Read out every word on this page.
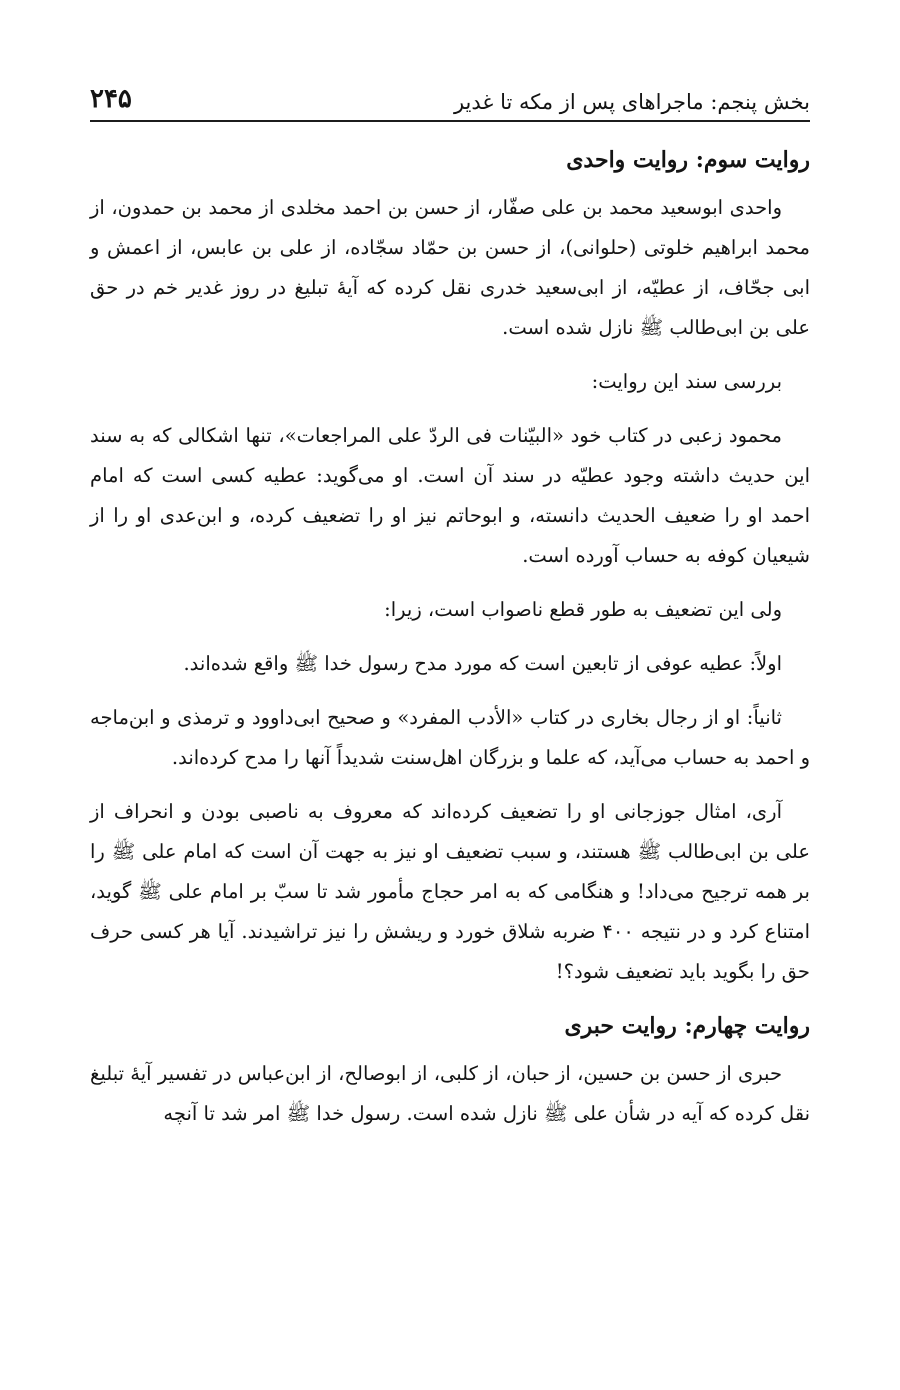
بخش پنجم: ماجراهای پس از مکه تا غدیر
۲۴۵
روایت سوم: روایت واحدی

واحدی ابوسعید محمد بن علی صفّار، از حسن بن احمد مخلدی از محمد بن حمدون، از محمد ابراهیم خلوتی (حلوانی)، از حسن بن حمّاد سجّاده، از علی بن عابس، از اعمش و ابی جحّاف، از عطیّه، از ابی‌سعید خدری نقل کرده که آیهٔ تبلیغ در روز غدیر خم در حق علی بن ابی‌طالب ﷺ نازل شده است.

بررسی سند این روایت:

محمود زعبی در کتاب خود «البیّنات فی الردّ علی المراجعات»، تنها اشکالی که به سند این حدیث داشته وجود عطیّه در سند آن است. او می‌گوید: عطیه کسی است که امام احمد او را ضعیف الحدیث دانسته، و ابوحاتم نیز او را تضعیف کرده، و ابن‌عدی او را از شیعیان کوفه به حساب آورده است.

ولی این تضعیف به طور قطع ناصواب است، زیرا:

اولاً: عطیه عوفی از تابعین است که مورد مدح رسول خدا ﷺ واقع شده‌اند.

ثانیاً: او از رجال بخاری در کتاب «الأدب المفرد» و صحیح ابی‌داوود و ترمذی و ابن‌ماجه و احمد به حساب می‌آید، که علما و بزرگان اهل‌سنت شدیداً آنها را مدح کرده‌اند.

آری، امثال جوزجانی او را تضعیف کرده‌اند که معروف به ناصبی بودن و انحراف از علی بن ابی‌طالب ﷺ هستند، و سبب تضعیف او نیز به جهت آن است که امام علی ﷺ را بر همه ترجیح می‌داد! و هنگامی که به امر حجاج مأمور شد تا سبّ بر امام علی ﷺ گوید، امتناع کرد و در نتیجه ۴۰۰ ضربه شلاق خورد و ریشش را نیز تراشیدند. آیا هر کسی حرف حق را بگوید باید تضعیف شود؟!

روایت چهارم: روایت حبری

حبری از حسن بن حسین، از حبان، از کلبی، از ابوصالح، از ابن‌عباس در تفسیر آیهٔ تبلیغ نقل کرده که آیه در شأن علی ﷺ نازل شده است. رسول خدا ﷺ امر شد تا آنچه
